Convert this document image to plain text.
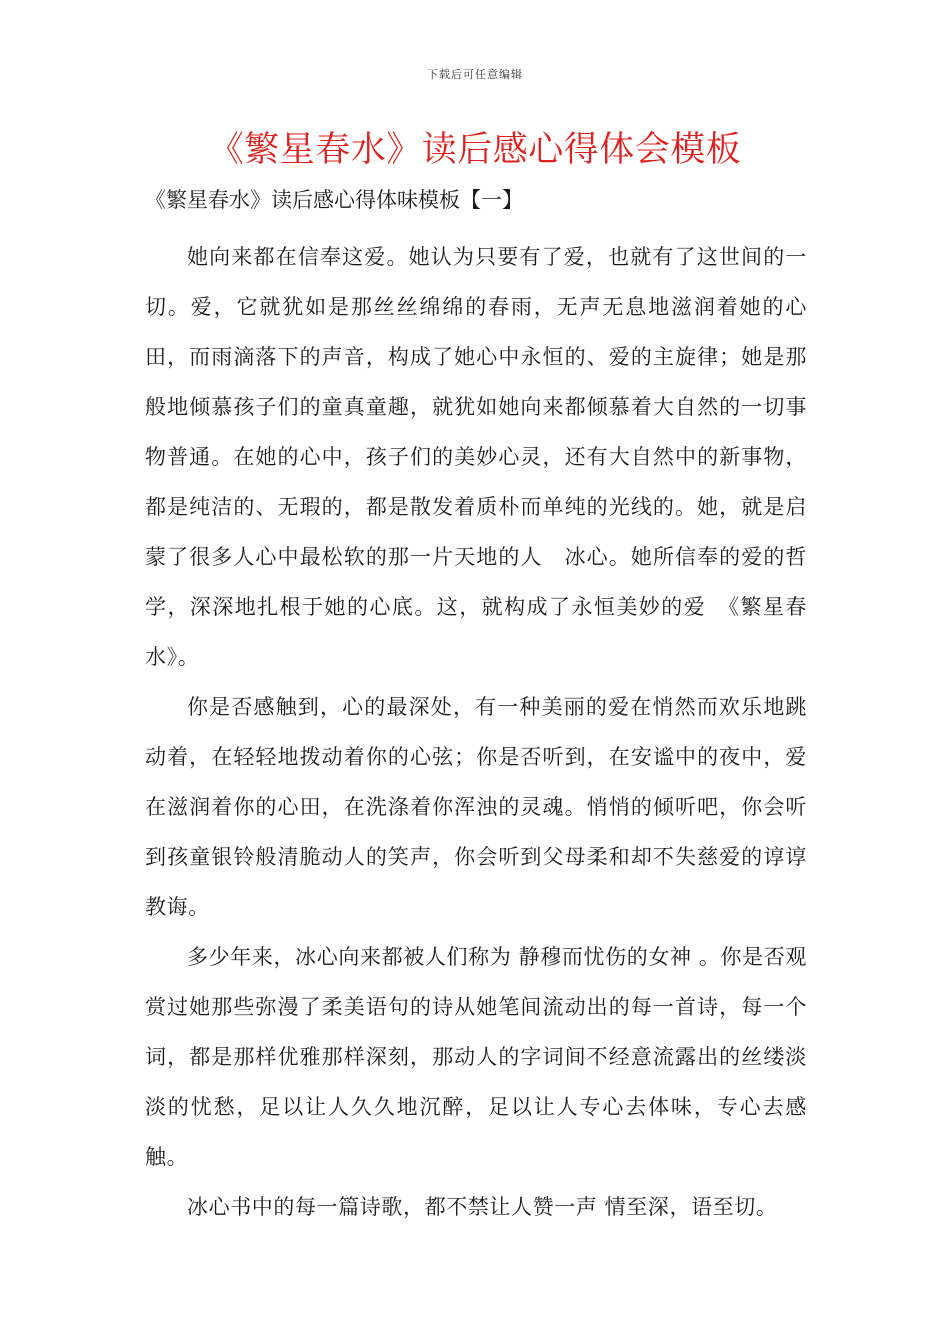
下载后可任意编辑
《繁星春水》读后感心得体会模板
《繁星春水》读后感心得体味模板【一】

她向来都在信奉这爱。她认为只要有了爱，也就有了这世间的一切。爱，它就犹如是那丝丝绵绵的春雨，无声无息地滋润着她的心田，而雨滴落下的声音，构成了她心中永恒的、爱的主旋律；她是那般地倾慕孩子们的童真童趣，就犹如她向来都倾慕着大自然的一切事物普通。在她的心中，孩子们的美妙心灵，还有大自然中的新事物，都是纯洁的、无瑕的，都是散发着质朴而单纯的光线的。她，就是启蒙了很多人心中最松软的那一片天地的人　冰心。她所信奉的爱的哲学，深深地扎根于她的心底。这，就构成了永恒美妙的爱　《繁星春水》。

你是否感触到，心的最深处，有一种美丽的爱在悄然而欢乐地跳动着，在轻轻地拨动着你的心弦；你是否听到，在安谧中的夜中，爱在滋润着你的心田，在洗涤着你浑浊的灵魂。悄悄的倾听吧，你会听到孩童银铃般清脆动人的笑声，你会听到父母柔和却不失慈爱的谆谆教诲。

多少年来，冰心向来都被人们称为 静穆而忧伤的女神 。你是否观赏过她那些弥漫了柔美语句的诗从她笔间流动出的每一首诗，每一个词，都是那样优雅那样深刻，那动人的字词间不经意流露出的丝缕淡淡的忧愁，足以让人久久地沉醉，足以让人专心去体味，专心去感触。

冰心书中的每一篇诗歌，都不禁让人赞一声 情至深，语至切。
